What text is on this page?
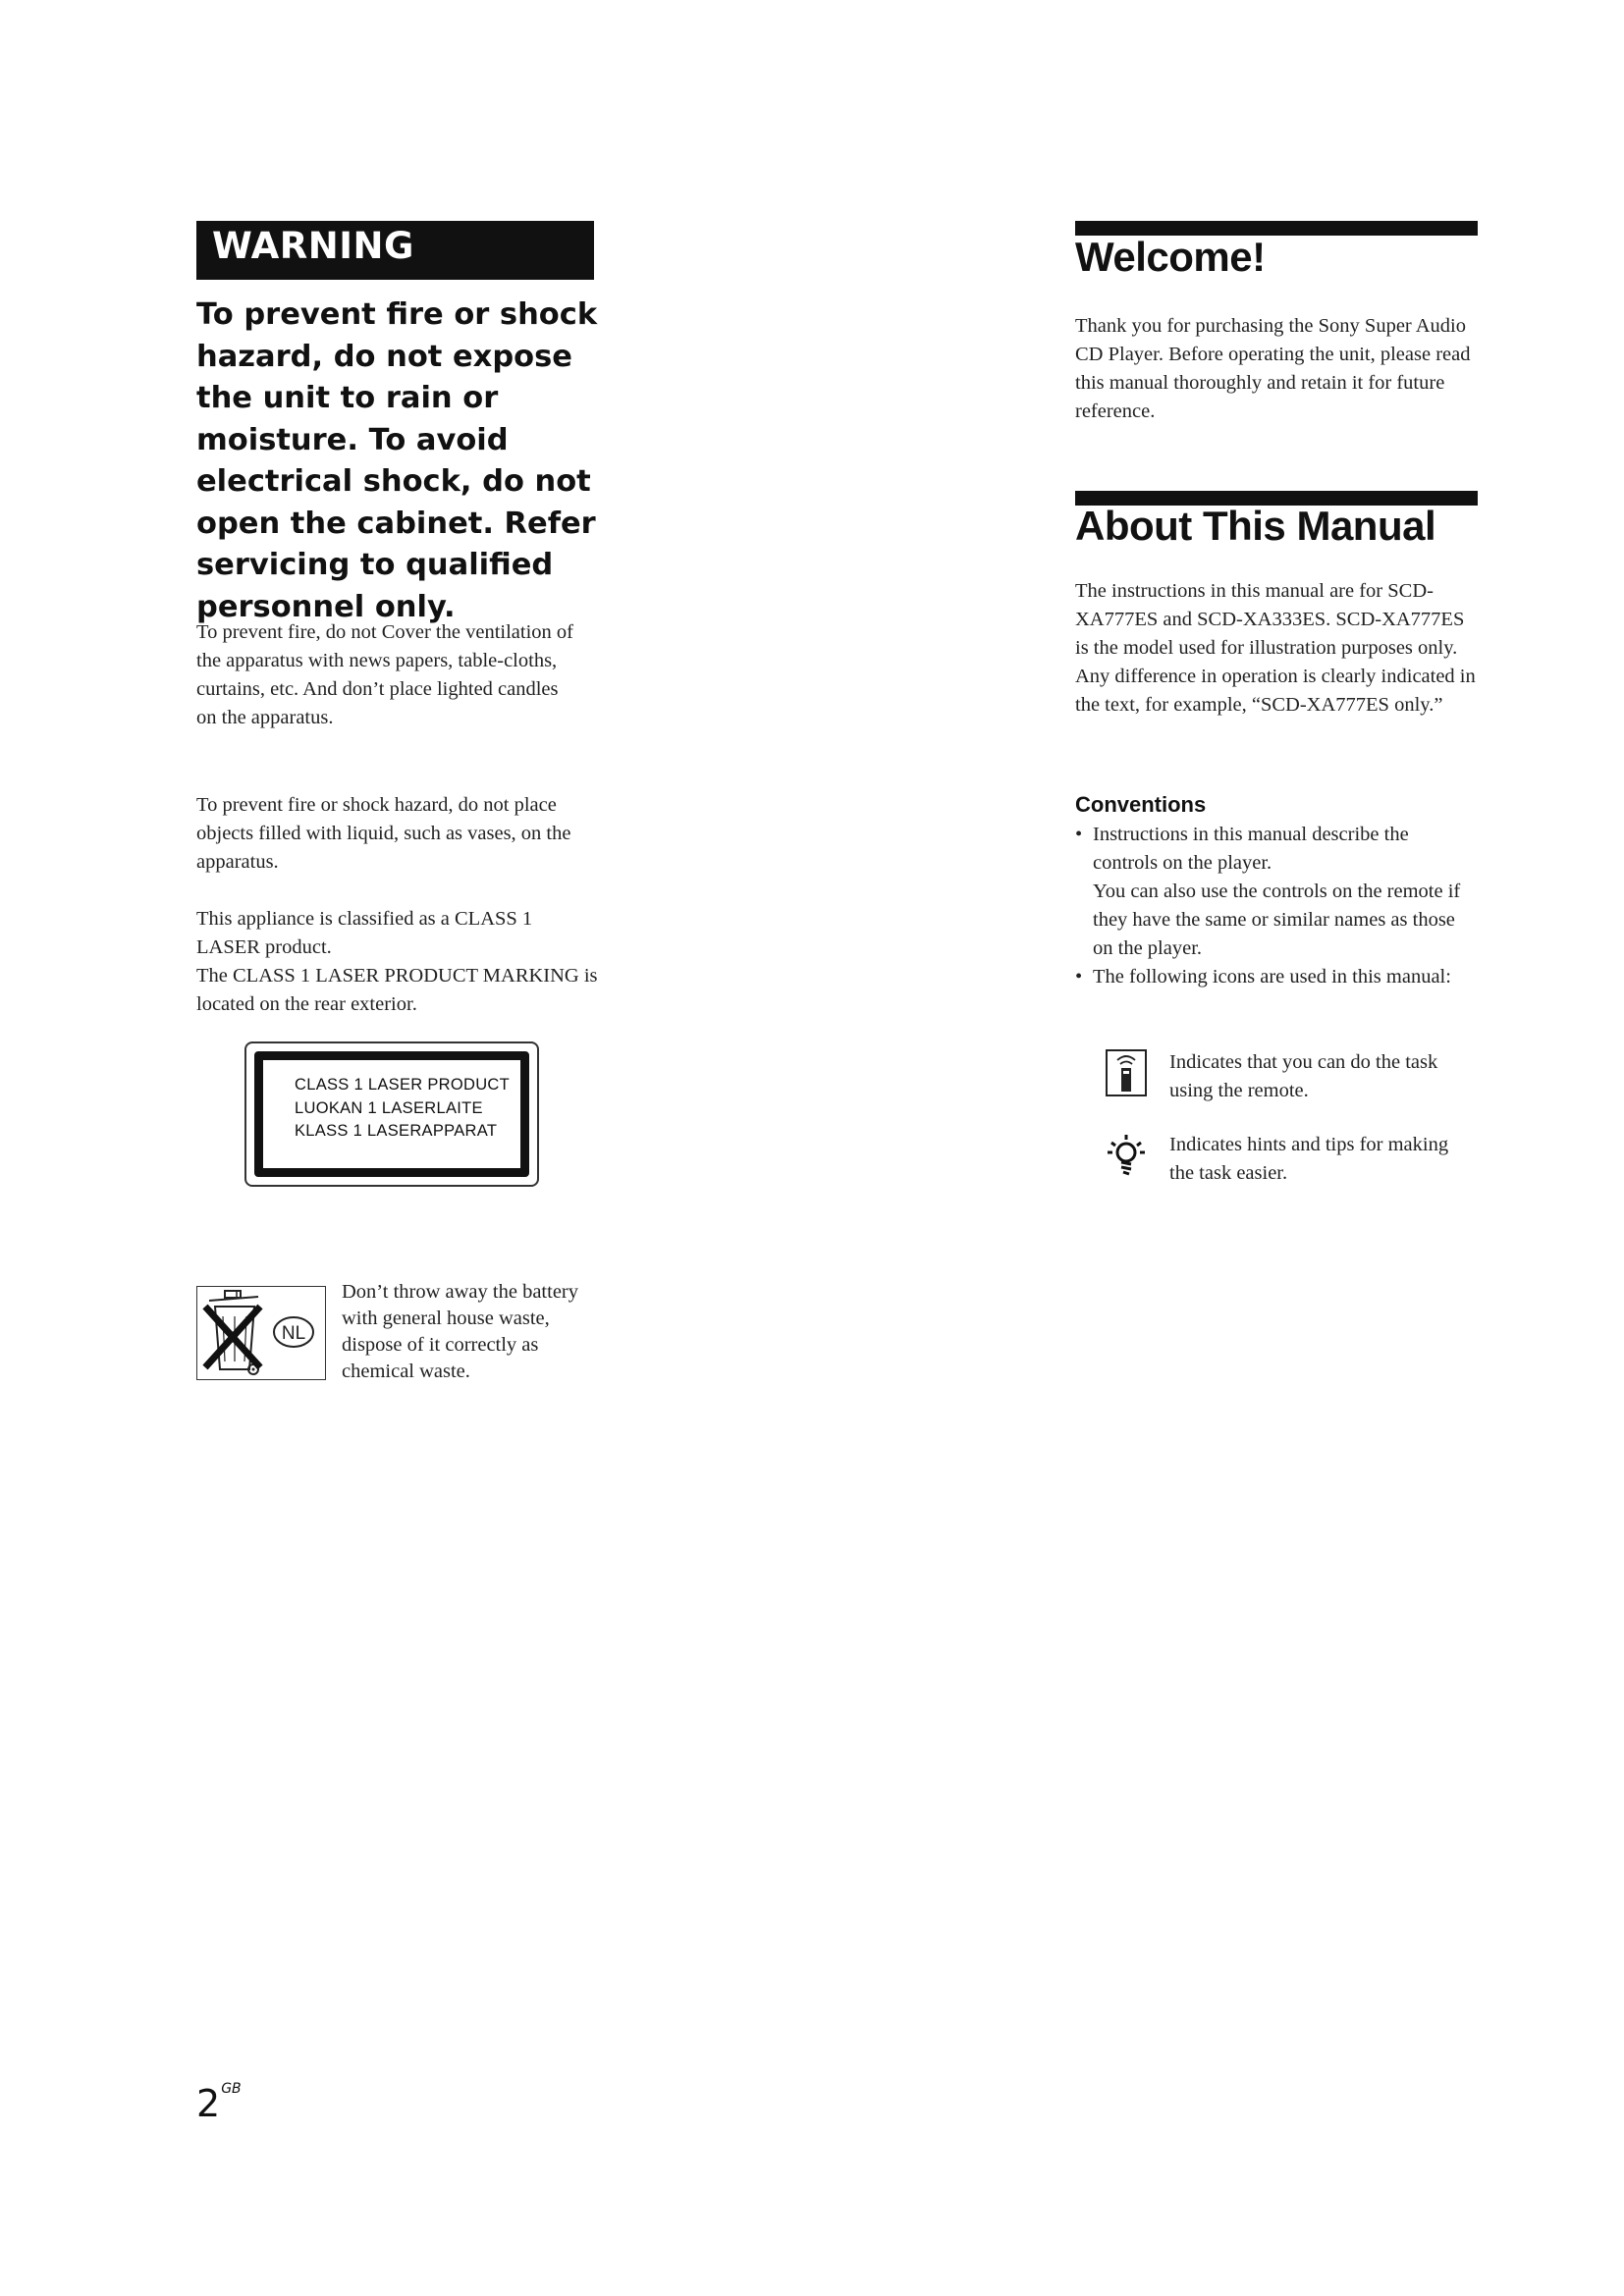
WARNING
To prevent fire or shock hazard, do not expose the unit to rain or moisture. To avoid electrical shock, do not open the cabinet. Refer servicing to qualified personnel only.
To prevent fire, do not Cover the ventilation of the apparatus with news papers, table-cloths, curtains, etc. And don’t place lighted candles on the apparatus.
To prevent fire or shock hazard, do not place objects filled with liquid, such as vases, on the apparatus.
This appliance is classified as a CLASS 1 LASER product.
The CLASS 1 LASER PRODUCT MARKING is located on the rear exterior.
CLASS 1 LASER PRODUCT
LUOKAN 1 LASERLAITE
KLASS 1 LASERAPPARAT
NL
Don’t throw away the battery with general house waste, dispose of it correctly as chemical waste.
$2^{GB}$
Welcome!
Thank you for purchasing the Sony Super Audio CD Player. Before operating the unit, please read this manual thoroughly and retain it for future reference.
About This Manual
The instructions in this manual are for SCD-XA777ES and SCD-XA333ES. SCD-XA777ES is the model used for illustration purposes only. Any difference in operation is clearly indicated in the text, for example, “SCD-XA777ES only.”
Conventions
• Instructions in this manual describe the controls on the player.
You can also use the controls on the remote if they have the same or similar names as those on the player.
• The following icons are used in this manual:
Indicates that you can do the task using the remote.
Indicates hints and tips for making the task easier.
